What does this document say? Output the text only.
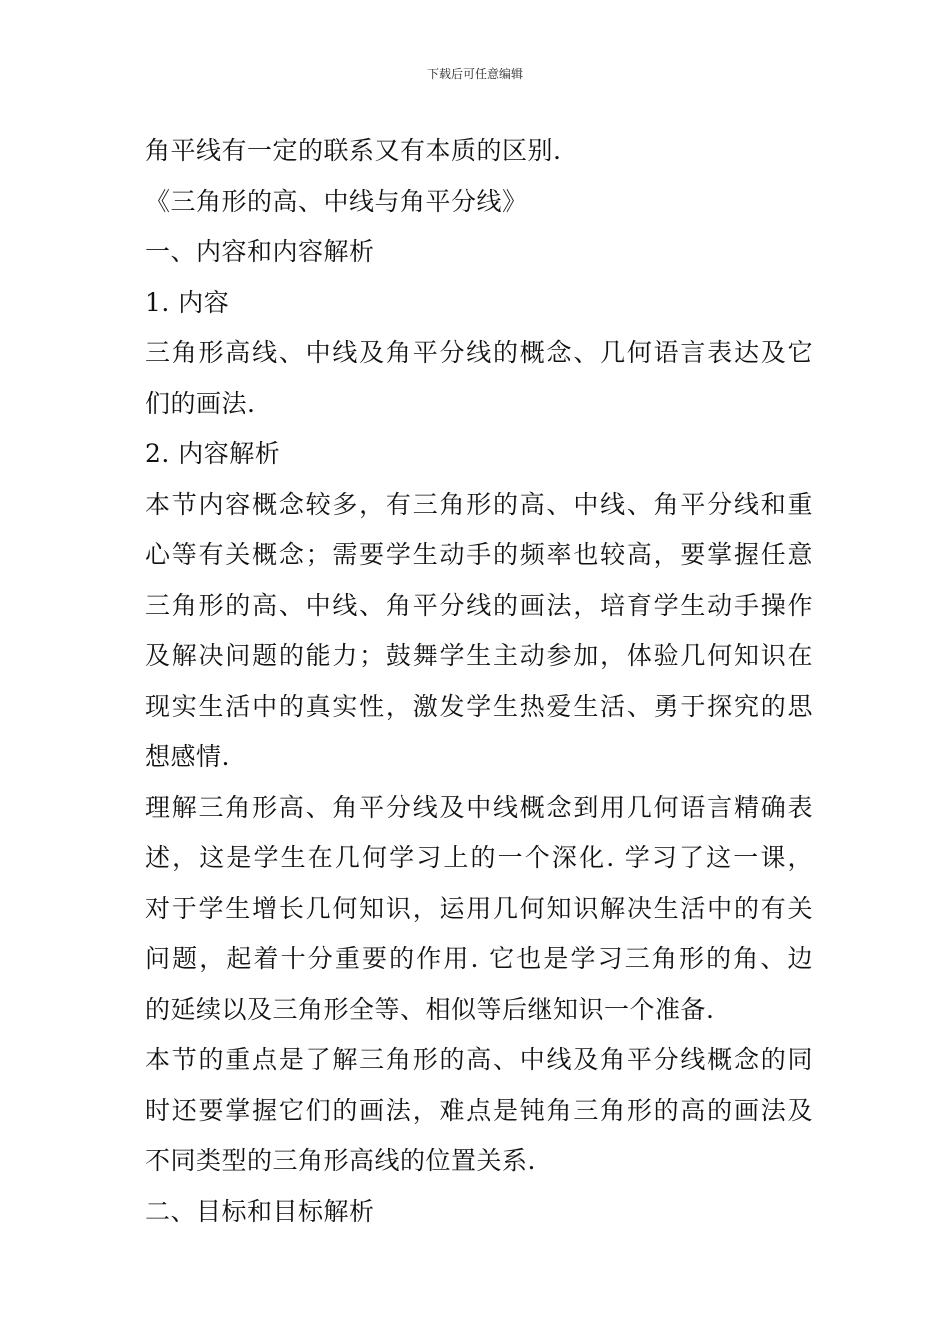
下载后可任意编辑
角平线有一定的联系又有本质的区别.
《三角形的高、中线与角平分线》
一、内容和内容解析
1. 内容
三角形高线、中线及角平分线的概念、几何语言表达及它
们的画法.
2. 内容解析
本节内容概念较多，有三角形的高、中线、角平分线和重
心等有关概念；需要学生动手的频率也较高，要掌握任意
三角形的高、中线、角平分线的画法，培育学生动手操作
及解决问题的能力；鼓舞学生主动参加，体验几何知识在
现实生活中的真实性，激发学生热爱生活、勇于探究的思
想感情.
理解三角形高、角平分线及中线概念到用几何语言精确表
述，这是学生在几何学习上的一个深化. 学习了这一课，
对于学生增长几何知识，运用几何知识解决生活中的有关
问题，起着十分重要的作用. 它也是学习三角形的角、边
的延续以及三角形全等、相似等后继知识一个准备.
本节的重点是了解三角形的高、中线及角平分线概念的同
时还要掌握它们的画法，难点是钝角三角形的高的画法及
不同类型的三角形高线的位置关系.
二、目标和目标解析
